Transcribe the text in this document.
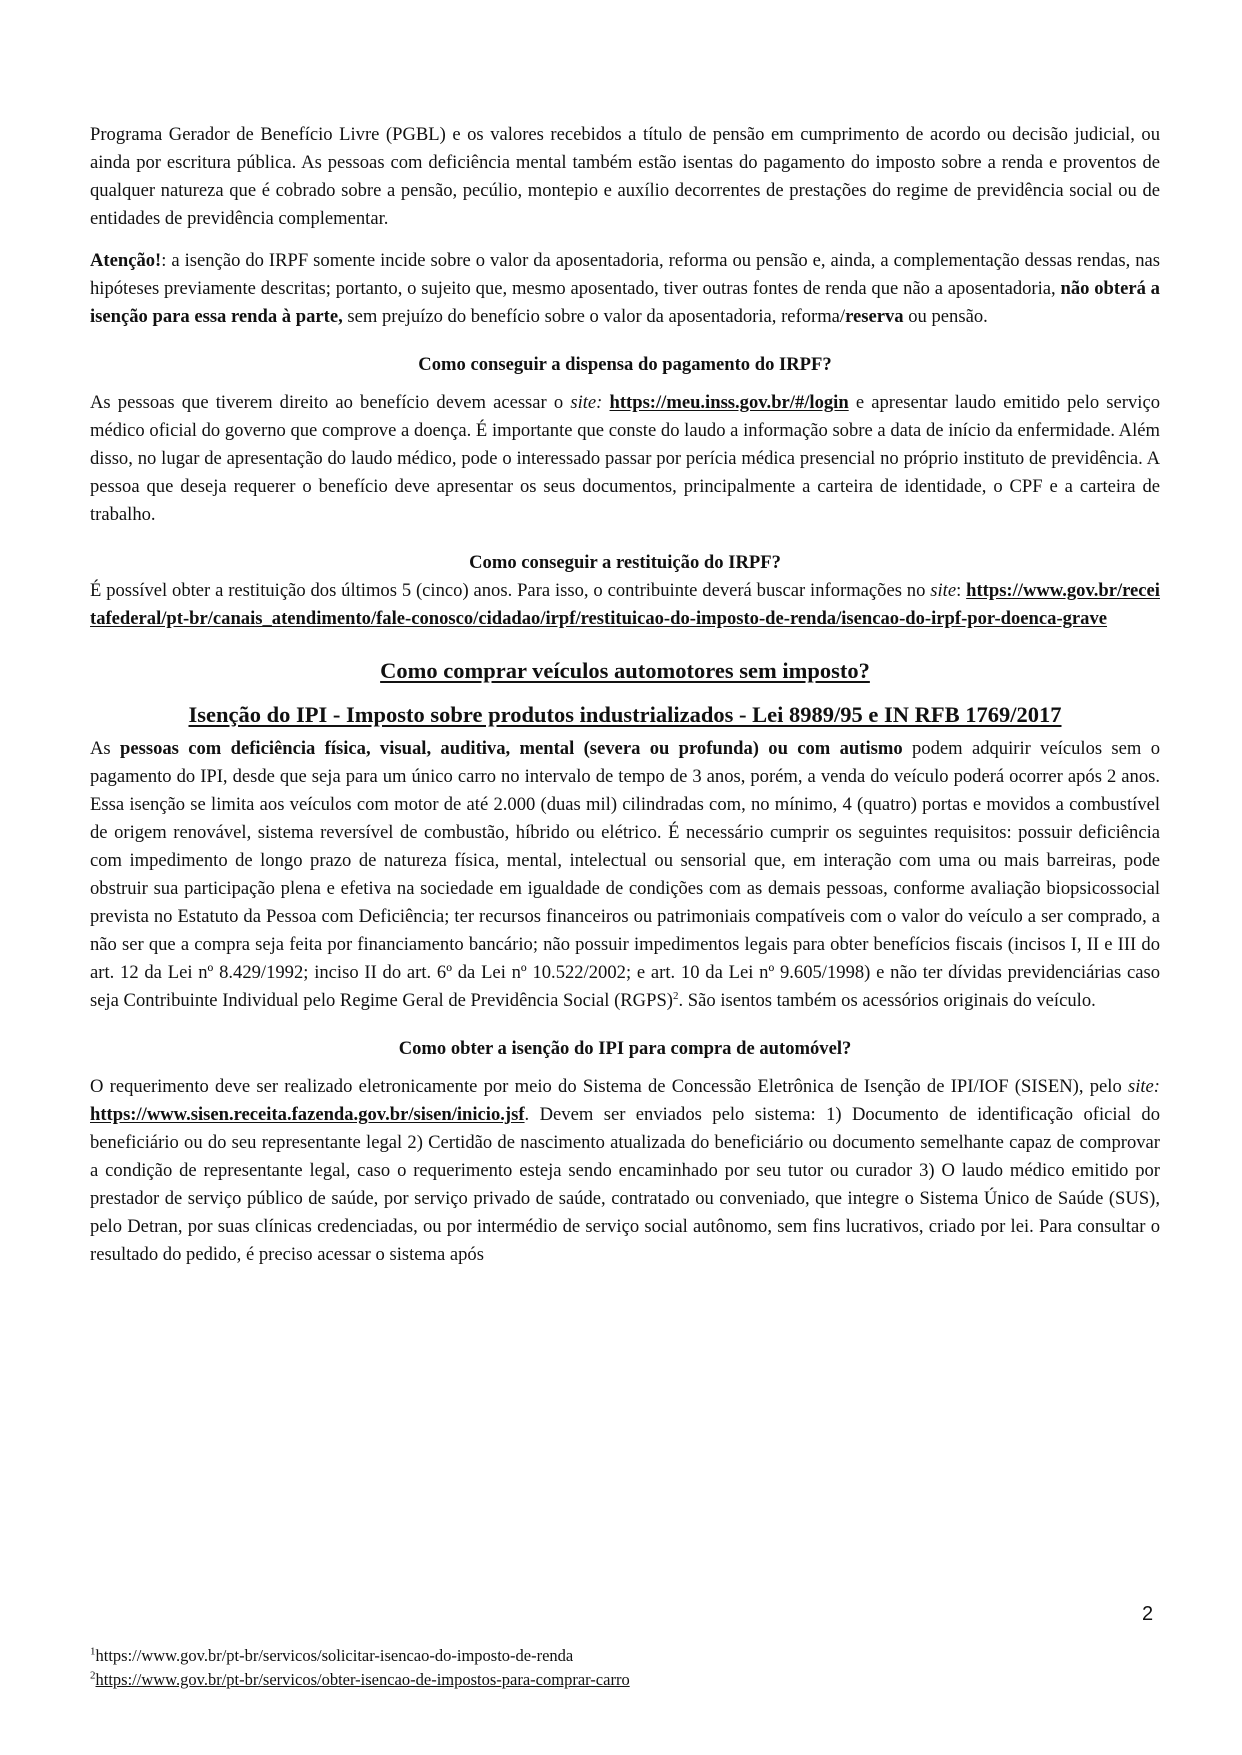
Programa Gerador de Benefício Livre (PGBL) e os valores recebidos a título de pensão em cumprimento de acordo ou decisão judicial, ou ainda por escritura pública. As pessoas com deficiência mental também estão isentas do pagamento do imposto sobre a renda e proventos de qualquer natureza que é cobrado sobre a pensão, pecúlio, montepio e auxílio decorrentes de prestações do regime de previdência social ou de entidades de previdência complementar.

Atenção!: a isenção do IRPF somente incide sobre o valor da aposentadoria, reforma ou pensão e, ainda, a complementação dessas rendas, nas hipóteses previamente descritas; portanto, o sujeito que, mesmo aposentado, tiver outras fontes de renda que não a aposentadoria, não obterá a isenção para essa renda à parte, sem prejuízo do benefício sobre o valor da aposentadoria, reforma/reserva ou pensão.

Como conseguir a dispensa do pagamento do IRPF?

As pessoas que tiverem direito ao benefício devem acessar o site: https://meu.inss.gov.br/#/login e apresentar laudo emitido pelo serviço médico oficial do governo que comprove a doença. É importante que conste do laudo a informação sobre a data de início da enfermidade. Além disso, no lugar de apresentação do laudo médico, pode o interessado passar por perícia médica presencial no próprio instituto de previdência. A pessoa que deseja requerer o benefício deve apresentar os seus documentos, principalmente a carteira de identidade, o CPF e a carteira de trabalho.

Como conseguir a restituição do IRPF?

É possível obter a restituição dos últimos 5 (cinco) anos. Para isso, o contribuinte deverá buscar informações no site: https://www.gov.br/receitafederal/pt-br/canais_atendimento/fale-conosco/cidadao/irpf/restituicao-do-imposto-de-renda/isencao-do-irpf-por-doenca-grave

Como comprar veículos automotores sem imposto?
Isenção do IPI - Imposto sobre produtos industrializados - Lei 8989/95 e IN RFB 1769/2017

As pessoas com deficiência física, visual, auditiva, mental (severa ou profunda) ou com autismo podem adquirir veículos sem o pagamento do IPI, desde que seja para um único carro no intervalo de tempo de 3 anos, porém, a venda do veículo poderá ocorrer após 2 anos. Essa isenção se limita aos veículos com motor de até 2.000 (duas mil) cilindradas com, no mínimo, 4 (quatro) portas e movidos a combustível de origem renovável, sistema reversível de combustão, híbrido ou elétrico. É necessário cumprir os seguintes requisitos: possuir deficiência com impedimento de longo prazo de natureza física, mental, intelectual ou sensorial que, em interação com uma ou mais barreiras, pode obstruir sua participação plena e efetiva na sociedade em igualdade de condições com as demais pessoas, conforme avaliação biopsicossocial prevista no Estatuto da Pessoa com Deficiência; ter recursos financeiros ou patrimoniais compatíveis com o valor do veículo a ser comprado, a não ser que a compra seja feita por financiamento bancário; não possuir impedimentos legais para obter benefícios fiscais (incisos I, II e III do art. 12 da Lei nº 8.429/1992; inciso II do art. 6º da Lei nº 10.522/2002; e art. 10 da Lei nº 9.605/1998) e não ter dívidas previdenciárias caso seja Contribuinte Individual pelo Regime Geral de Previdência Social (RGPS)$^2$. São isentos também os acessórios originais do veículo.

Como obter a isenção do IPI para compra de automóvel?

O requerimento deve ser realizado eletronicamente por meio do Sistema de Concessão Eletrônica de Isenção de IPI/IOF (SISEN), pelo site: https://www.sisen.receita.fazenda.gov.br/sisen/inicio.jsf. Devem ser enviados pelo sistema: 1) Documento de identificação oficial do beneficiário ou do seu representante legal 2) Certidão de nascimento atualizada do beneficiário ou documento semelhante capaz de comprovar a condição de representante legal, caso o requerimento esteja sendo encaminhado por seu tutor ou curador 3) O laudo médico emitido por prestador de serviço público de saúde, por serviço privado de saúde, contratado ou conveniado, que integre o Sistema Único de Saúde (SUS), pelo Detran, por suas clínicas credenciadas, ou por intermédio de serviço social autônomo, sem fins lucrativos, criado por lei. Para consultar o resultado do pedido, é preciso acessar o sistema após

2
$^1$https://www.gov.br/pt-br/servicos/solicitar-isencao-do-imposto-de-renda
$^2$https://www.gov.br/pt-br/servicos/obter-isencao-de-impostos-para-comprar-carro
